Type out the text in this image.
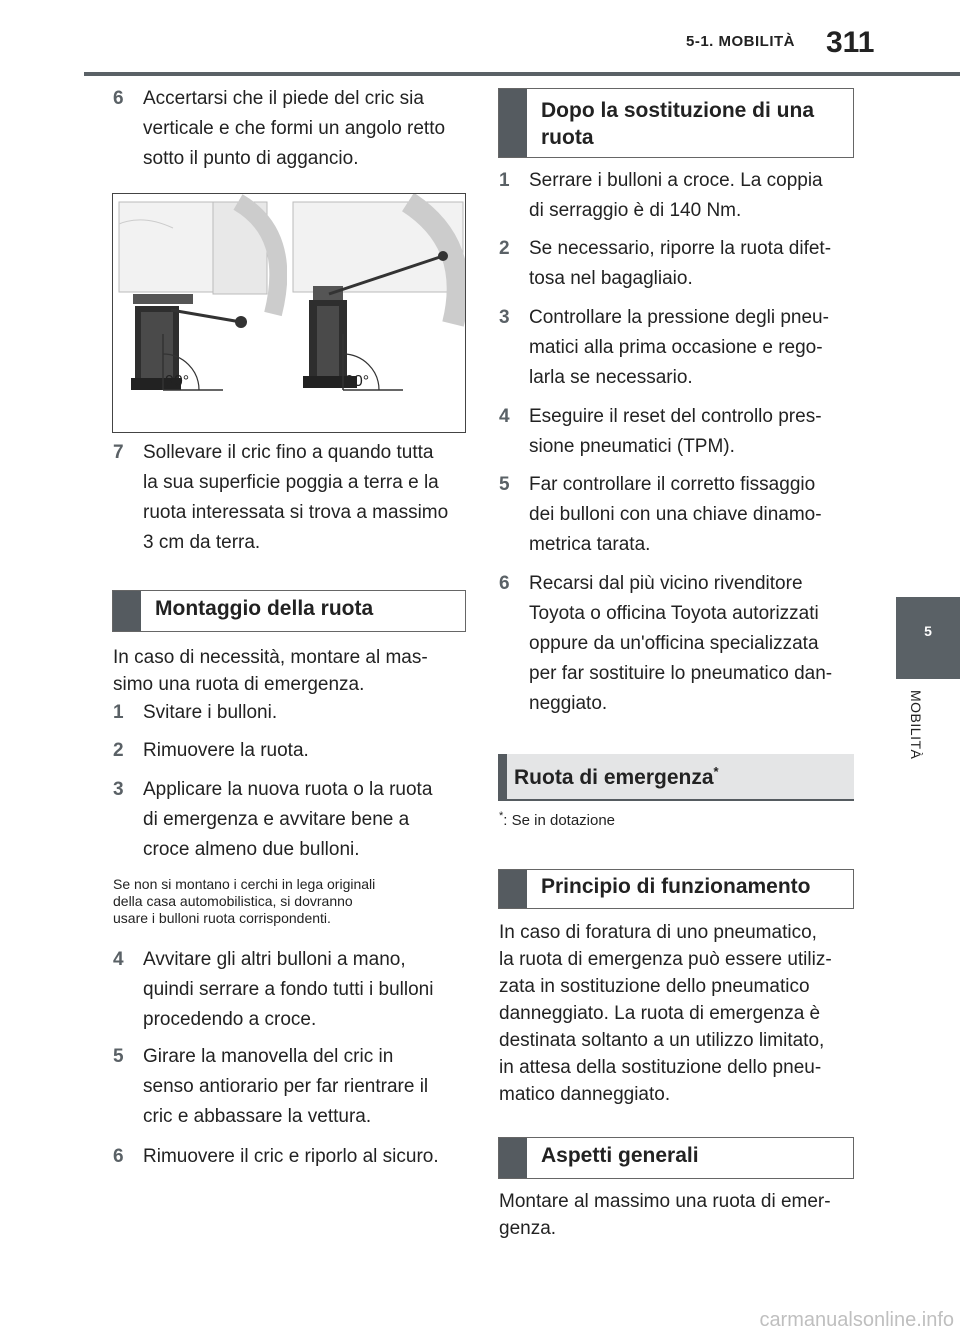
5-1. MOBILITÀ 311
5
MOBILITÀ
6 Accertarsi che il piede del cric sia
verticale e che formi un angolo retto
sotto il punto di aggancio.
90°	90°
7 Sollevare il cric fino a quando tutta
la sua superficie poggia a terra e la
ruota interessata si trova a massimo
3 cm da terra.
Montaggio della ruota
In caso di necessità, montare al mas-
simo una ruota di emergenza.
1 Svitare i bulloni.
2 Rimuovere la ruota.
3 Applicare la nuova ruota o la ruota
di emergenza e avvitare bene a
croce almeno due bulloni.
Se non si montano i cerchi in lega originali
della casa automobilistica, si dovranno
usare i bulloni ruota corrispondenti.
4 Avvitare gli altri bulloni a mano,
quindi serrare a fondo tutti i bulloni
procedendo a croce.
5 Girare la manovella del cric in
senso antiorario per far rientrare il
cric e abbassare la vettura.
6 Rimuovere il cric e riporlo al sicuro.
Dopo la sostituzione di una
ruota
1 Serrare i bulloni a croce. La coppia
di serraggio è di 140 Nm.
2 Se necessario, riporre la ruota difet-
tosa nel bagagliaio.
3 Controllare la pressione degli pneu-
matici alla prima occasione e rego-
larla se necessario.
4 Eseguire il reset del controllo pres-
sione pneumatici (TPM).
5 Far controllare il corretto fissaggio
dei bulloni con una chiave dinamo-
metrica tarata.
6 Recarsi dal più vicino rivenditore
Toyota o officina Toyota autorizzati
oppure da un'officina specializzata
per far sostituire lo pneumatico dan-
neggiato.
Ruota di emergenza*
*: Se in dotazione
Principio di funzionamento
In caso di foratura di uno pneumatico,
la ruota di emergenza può essere utiliz-
zata in sostituzione dello pneumatico
danneggiato. La ruota di emergenza è
destinata soltanto a un utilizzo limitato,
in attesa della sostituzione dello pneu-
matico danneggiato.
Aspetti generali
Montare al massimo una ruota di emer-
genza.
carmanualsonline.info
